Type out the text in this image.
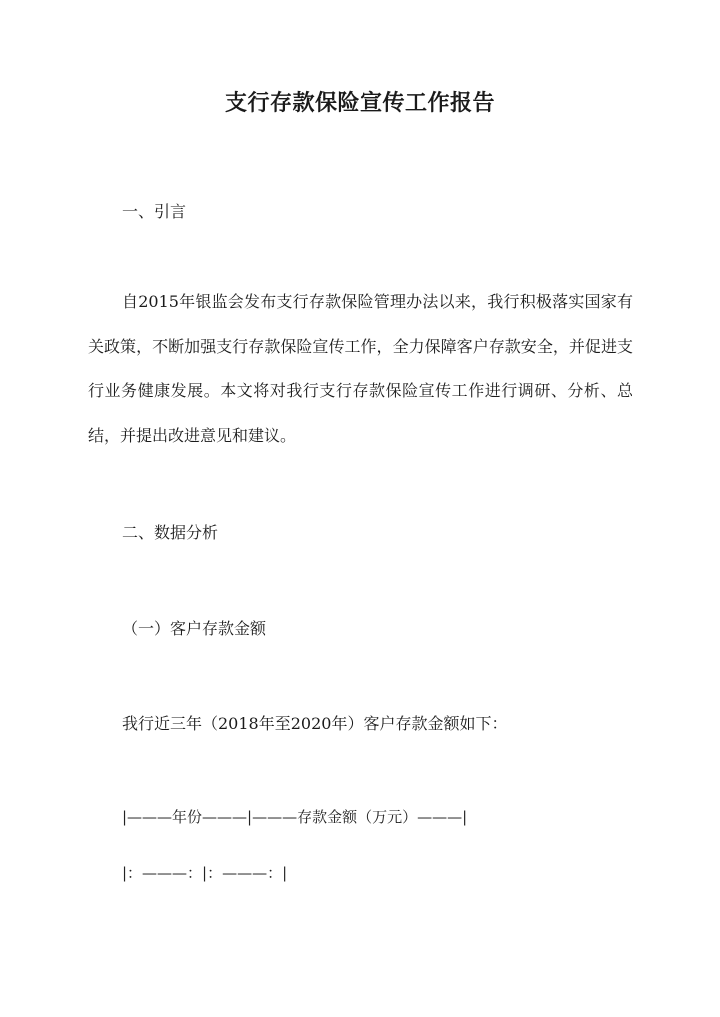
支行存款保险宣传工作报告
一、引言
自2015年银监会发布支行存款保险管理办法以来，我行积极落实国家有关政策，不断加强支行存款保险宣传工作，全力保障客户存款安全，并促进支行业务健康发展。本文将对我行支行存款保险宣传工作进行调研、分析、总结，并提出改进意见和建议。
二、数据分析
（一）客户存款金额
我行近三年（2018年至2020年）客户存款金额如下：
|———年份———|———存款金额（万元）———|
|：———：|：———：|
